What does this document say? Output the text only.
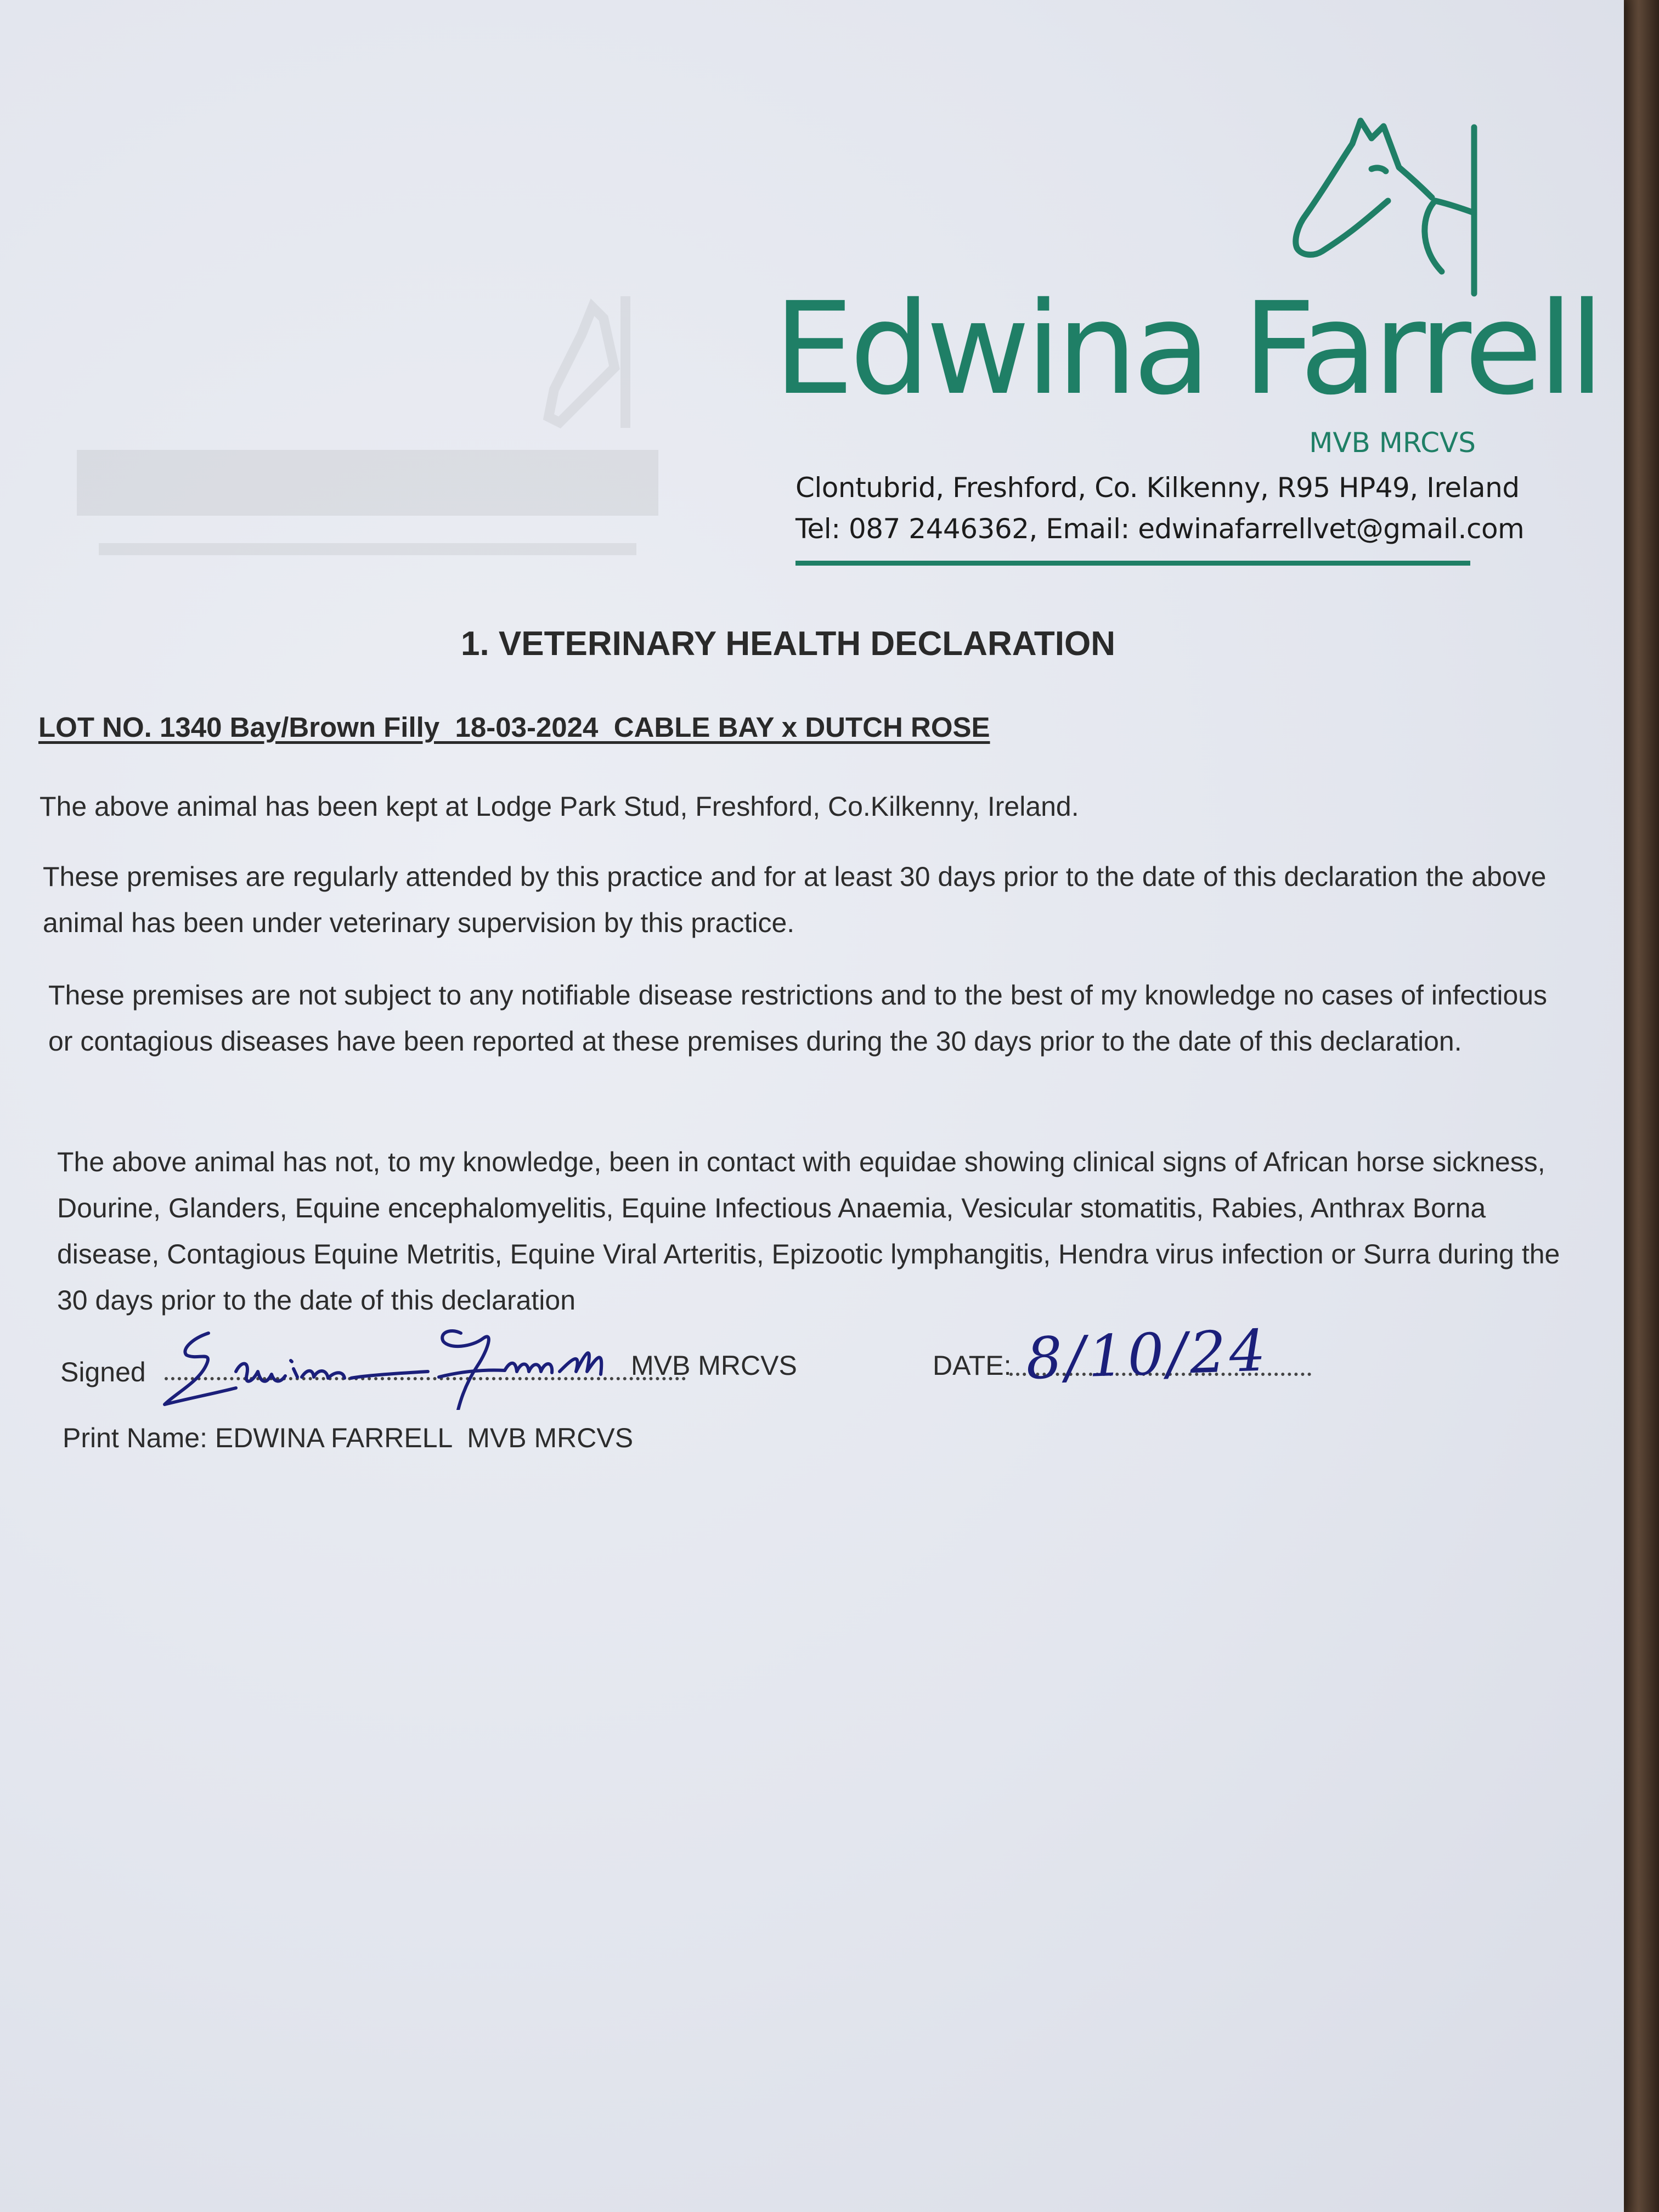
Edwina Farrell
MVB MRCVS
Clontubrid, Freshford, Co. Kilkenny, R95 HP49, Ireland
Tel: 087 2446362, Email: edwinafarrellvet@gmail.com
1. VETERINARY HEALTH DECLARATION
LOT NO. 1340 Bay/Brown Filly  18-03-2024  CABLE BAY x DUTCH ROSE
The above animal has been kept at Lodge Park Stud, Freshford, Co.Kilkenny, Ireland.
These premises are regularly attended by this practice and for at least 30 days prior to the date of this declaration the above animal has been under veterinary supervision by this practice.
These premises are not subject to any notifiable disease restrictions and to the best of my knowledge no cases of infectious or contagious diseases have been reported at these premises during the 30 days prior to the date of this declaration.
The above animal has not, to my knowledge, been in contact with equidae showing clinical signs of African horse sickness, Dourine, Glanders, Equine encephalomyelitis, Equine Infectious Anaemia, Vesicular stomatitis, Rabies, Anthrax Borna disease, Contagious Equine Metritis, Equine Viral Arteritis, Epizootic lymphangitis, Hendra virus infection or Surra during the 30 days prior to the date of this declaration
Signed	MVB MRCVS	DATE: 8/10/24
Print Name: EDWINA FARRELL  MVB MRCVS
